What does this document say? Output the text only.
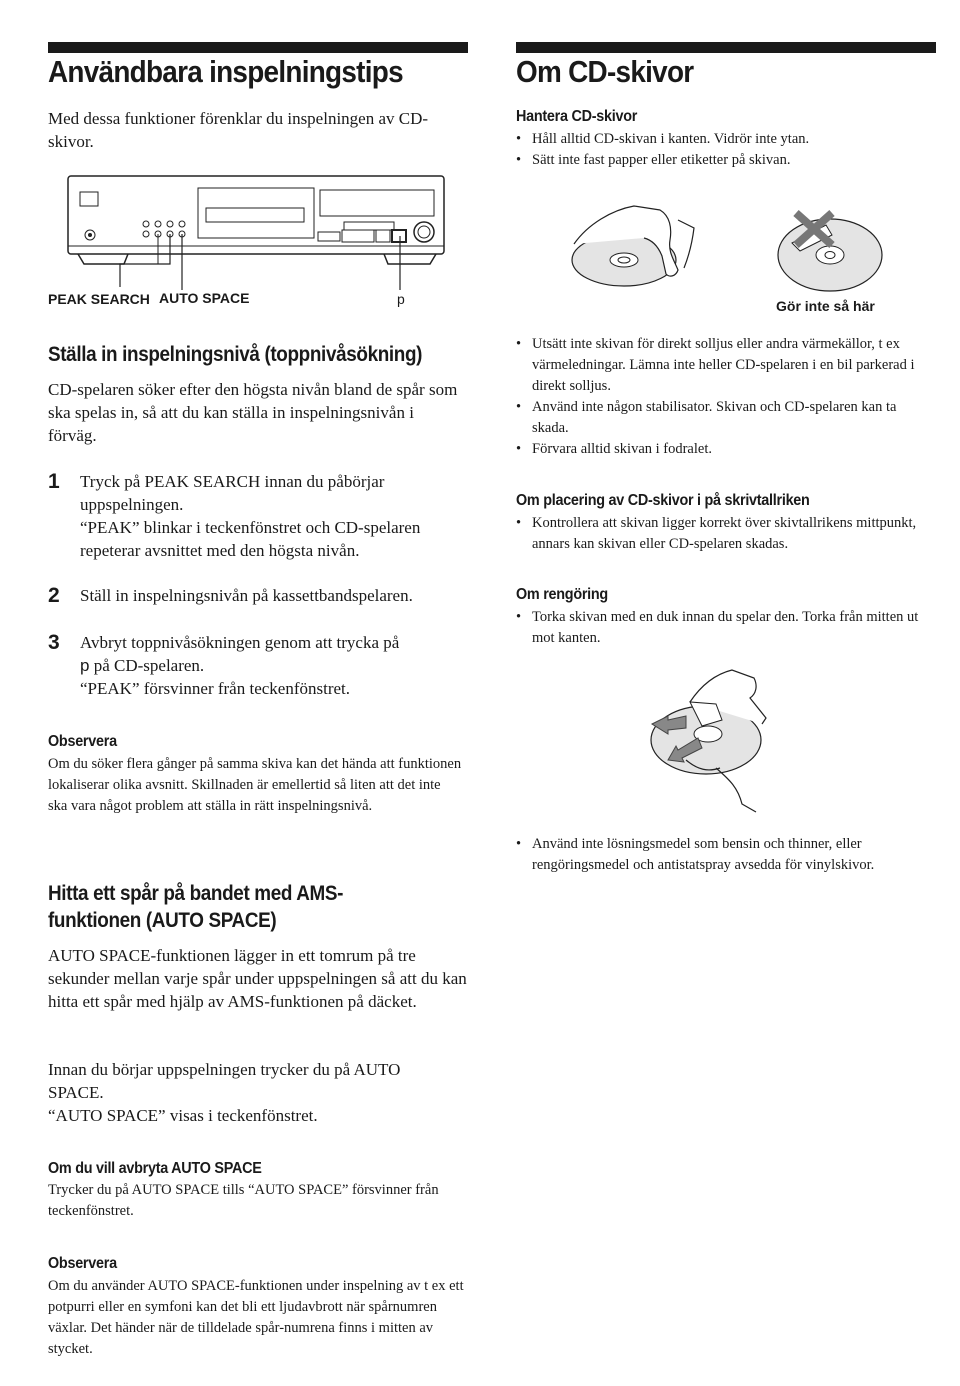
Användbara inspelningstips

Med dessa funktioner förenklar du inspelningen av CD-skivor.

PEAK SEARCH AUTO SPACE	p
Ställa in inspelningsnivå (toppnivåsökning)

CD-spelaren söker efter den högsta nivån bland de spår som ska spelas in, så att du kan ställa in inspelningsnivån i förväg.

1 Tryck på PEAK SEARCH innan du påbörjar uppspelningen.
“PEAK” blinkar i teckenfönstret och CD-spelaren repeterar avsnittet med den högsta nivån.
2 Ställ in inspelningsnivån på kassettbandspelaren.
3 Avbryt toppnivåsökningen genom att trycka på
p på CD-spelaren.
“PEAK” försvinner från teckenfönstret.
Observera

Om du söker flera gånger på samma skiva kan det hända att funktionen lokaliserar olika avsnitt. Skillnaden är emellertid så liten att det inte ska vara något problem att ställa in rätt inspelningsnivå.

Hitta ett spår på bandet med AMS-funktionen (AUTO SPACE)

AUTO SPACE-funktionen lägger in ett tomrum på tre sekunder mellan varje spår under uppspelningen så att du kan hitta ett spår med hjälp av AMS-funktionen på däcket.

Innan du börjar uppspelningen trycker du på AUTO SPACE.

“AUTO SPACE” visas i teckenfönstret.

Om du vill avbryta AUTO SPACE

Trycker du på AUTO SPACE tills “AUTO SPACE” försvinner från teckenfönstret.

Observera

Om du använder AUTO SPACE-funktionen under inspelning av t ex ett potpurri eller en symfoni kan det bli ett ljudavbrott när spårnumren växlar. Det händer när de tilldelade spår-numrena finns i mitten av stycket.

Om CD-skivor
Hantera CD-skivor
• Håll alltid CD-skivan i kanten. Vidrör inte ytan.
• Sätt inte fast papper eller etiketter på skivan.
Gör inte så här
• Utsätt inte skivan för direkt solljus eller andra värmekällor, t ex värmeledningar. Lämna inte heller CD-spelaren i en bil parkerad i direkt solljus.
• Använd inte någon stabilisator. Skivan och CD-spelaren kan ta skada.
• Förvara alltid skivan i fodralet.
Om placering av CD-skivor i på skrivtallriken
• Kontrollera att skivan ligger korrekt över skivtallrikens mittpunkt, annars kan skivan eller CD-spelaren skadas.
Om rengöring
• Torka skivan med en duk innan du spelar den. Torka från mitten ut mot kanten.
• Använd inte lösningsmedel som bensin och thinner, eller rengöringsmedel och antistatspray avsedda för vinylskivor.
